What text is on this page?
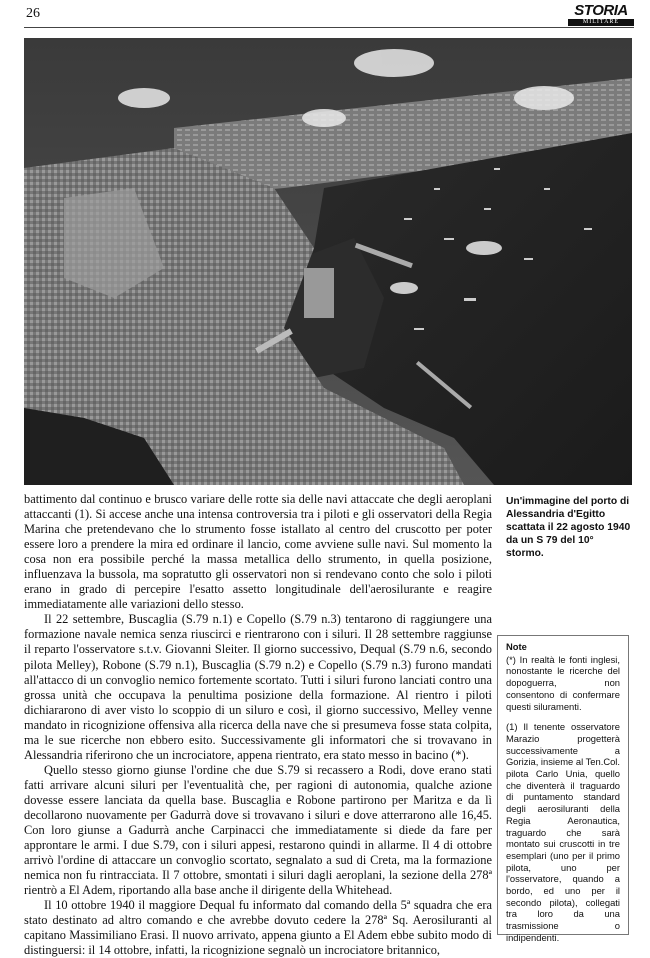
26	STORIA
MILITARE

battimento dal continuo e brusco variare delle rotte sia delle navi attaccate che degli aeroplani attaccanti (1). Si accese anche una intensa controversia tra i piloti e gli osservatori della Regia Marina che pretendevano che lo strumento fosse istallato al centro del cruscotto per poter essere loro a prendere la mira ed ordinare il lancio, come avviene sulle navi. Sul momento la cosa non era possibile perché la massa metallica dello strumento, in quella posizione, influenzava la bussola, ma sopratutto gli osservatori non si rendevano conto che solo i piloti erano in grado di percepire l'esatto assetto longitudinale dell'aerosilurante e reagire immediatamente alle variazioni dello stesso.

Il 22 settembre, Buscaglia (S.79 n.1) e Copello (S.79 n.3) tentarono di raggiungere una formazione navale nemica senza riuscirci e rientrarono con i siluri. Il 28 settembre raggiunse il reparto l'osservatore s.t.v. Giovanni Sleiter. Il giorno successivo, Dequal (S.79 n.6, secondo pilota Melley), Robone (S.79 n.1), Buscaglia (S.79 n.2) e Copello (S.79 n.3) furono mandati all'attacco di un convoglio nemico fortemente scortato. Tutti i siluri furono lanciati contro una grossa unità che occupava la penultima posizione della formazione. Al rientro i piloti dichiararono di aver visto lo scoppio di un siluro e così, il giorno successivo, Melley venne mandato in ricognizione offensiva alla ricerca della nave che si presumeva fosse stata colpita, ma le sue ricerche non ebbero esito. Successivamente gli informatori che si trovavano in Alessandria riferirono che un incrociatore, appena rientrato, era stato messo in bacino (*).

Quello stesso giorno giunse l'ordine che due S.79 si recassero a Rodi, dove erano stati fatti arrivare alcuni siluri per l'eventualità che, per ragioni di autonomia, qualche azione dovesse essere lanciata da quella base. Buscaglia e Robone partirono per Maritza e da lì decollarono nuovamente per Gadurrà dove si trovavano i siluri e dove atterrarono alle 16,45. Con loro giunse a Gadurrà anche Carpinacci che immediatamente si diede da fare per approntare le armi. I due S.79, con i siluri appesi, restarono quindi in allarme. Il 4 di ottobre arrivò l'ordine di attaccare un convoglio scortato, segnalato a sud di Creta, ma la formazione nemica non fu rintracciata. Il 7 ottobre, smontati i siluri dagli aeroplani, la sezione della 278ª rientrò a El Adem, riportando alla base anche il dirigente della Whitehead.

Il 10 ottobre 1940 il maggiore Dequal fu informato dal comando della 5ª squadra che era stato destinato ad altro comando e che avrebbe dovuto cedere la 278ª Sq. Aerosiluranti al capitano Massimiliano Erasi. Il nuovo arrivato, appena giunto a El Adem ebbe subito modo di distinguersi: il 14 ottobre, infatti, la ricognizione segnalò un incrociatore britannico,

Un'immagine del porto di Alessandria d'Egitto scattata il 22 agosto 1940 da un S 79 del 10° stormo.
Note

(*) In realtà le fonti inglesi, nonostante le ricerche del dopoguerra, non consentono di confermare questi siluramenti.

(1) Il tenente osservatore Marazio progetterà successivamente a Gorizia, insieme al Ten.Col. pilota Carlo Unia, quello che diventerà il traguardo di puntamento standard degli aerosiluranti della Regia Aeronautica, traguardo che sarà montato sui cruscotti in tre esemplari (uno per il primo pilota, uno per l'osservatore, quando a bordo, ed uno per il secondo pilota), collegati tra loro da una trasmissione o indipendenti.
